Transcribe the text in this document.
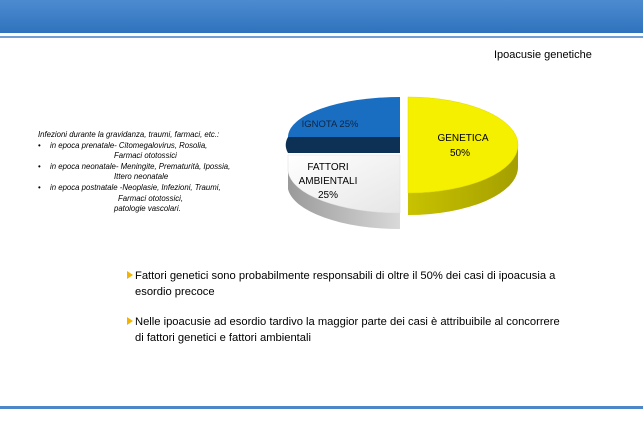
Ipoacusie genetiche
Infezioni durante la gravidanza, traumi, farmaci, etc.:
• in epoca prenatale- Citomegalovirus, Rosolia,
Farmaci ototossici
• in epoca neonatale- Meningite, Prematurità, Ipossia,
Ittero neonatale
• in epoca postnatale -Neoplasie, Infezioni, Traumi,
Farmaci ototossici,
patologie vascolari.
GENETICA
50%
IGNOTA 25%
FATTORI
AMBIENTALI
25%
Fattori genetici sono probabilmente responsabili di oltre il 50% dei casi di ipoacusia a esordio precoce
Nelle ipoacusie ad esordio tardivo la maggior parte dei casi è attribuibile al concorrere di fattori genetici e fattori ambientali
